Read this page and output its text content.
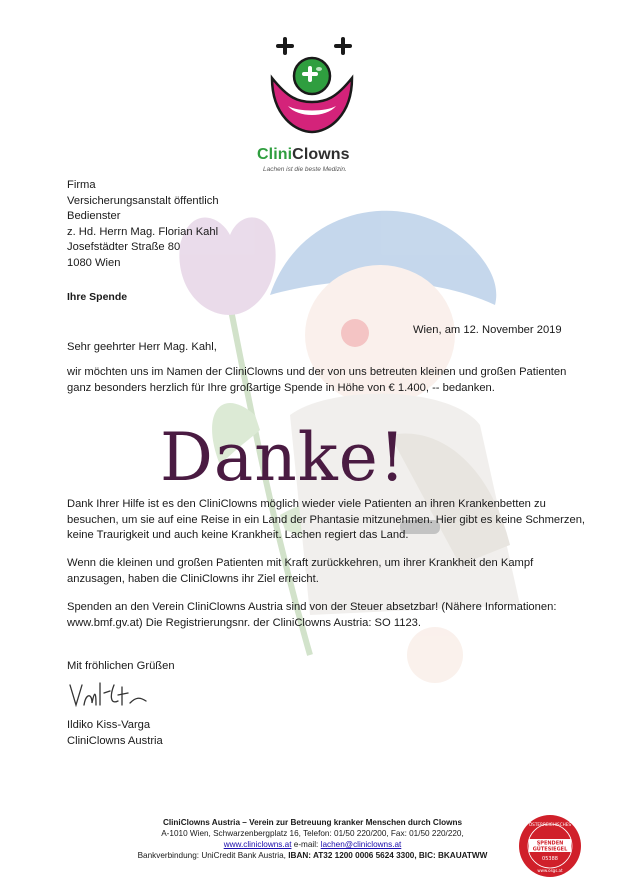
CliniClowns
Lachen ist die beste Medizin.
Firma
Versicherungsanstalt öffentlich
Bedienster
z. Hd. Herrn Mag. Florian Kahl
Josefstädter Straße 80
1080 Wien
Ihre Spende
Wien, am 12. November 2019
Sehr geehrter Herr Mag. Kahl,
wir möchten uns im Namen der CliniClowns und der von uns betreuten kleinen und großen Patienten
ganz besonders herzlich für Ihre großartige Spende in Höhe von € 1.400, -- bedanken.
Danke!
Dank Ihrer Hilfe ist es den CliniClowns möglich wieder viele Patienten an ihren Krankenbetten zu
besuchen, um sie auf eine Reise in ein Land der Phantasie mitzunehmen. Hier gibt es keine Schmerzen,
keine Traurigkeit und auch keine Krankheit. Lachen regiert das Land.
Wenn die kleinen und großen Patienten mit Kraft zurückkehren, um ihrer Krankheit den Kampf
anzusagen, haben die CliniClowns ihr Ziel erreicht.
Spenden an den Verein CliniClowns Austria sind von der Steuer absetzbar! (Nähere Informationen:
www.bmf.gv.at) Die Registrierungsnr. der CliniClowns Austria: SO 1123.
Mit fröhlichen Grüßen
Ildiko Kiss-Varga
CliniClowns Austria
CliniClowns Austria – Verein zur Betreuung kranker Menschen durch Clowns
A-1010 Wien, Schwarzenbergplatz 16, Telefon: 01/50 220/200, Fax: 01/50 220/220,
www.cliniclowns.at e-mail: lachen@cliniclowns.at
Bankverbindung: UniCredit Bank Austria, IBAN: AT32 1200 0006 5624 3300, BIC: BKAUATWW
ÖSTERREICHISCHES
SPENDEN
GÜTESIEGEL
05388
www.osgs.at
